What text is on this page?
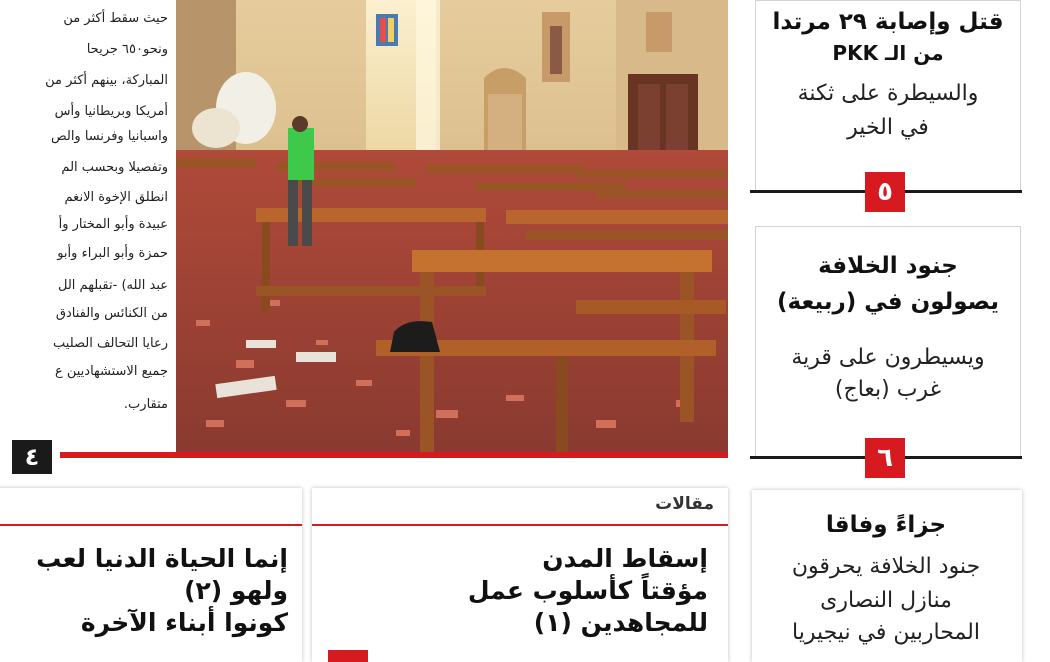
حيث سقط أكثر من
ونحو٦٥٠ جريحا
المباركة، بينهم أكثر من
أمريكا وبريطانيا وأس
واسبانيا وفرنسا والص
وتفصيلا وبحسب الم
انطلق الإخوة الانغم
عبيدة وأبو المختار وأ
حمزة وأبو البراء وأبو
عبد الله) -تقبلهم الل
من الكنائس والفنادق
رعايا التحالف الصليب
جميع الاستشهاديين ع
متقارب.
٤
قتل وإصابة ٢٩ مرتدا
من الـ PKK
والسيطرة على ثكنة
في الخير
٥
جنود الخلافة
يصولون في (ربيعة)
ويسيطرون على قرية
غرب (بعاج)
٦
جزاءً وفاقا
جنود الخلافة يحرقون
منازل النصارى
المحاربين في نيجيريا
مقالات
إسقاط المدن
مؤقتاً كأسلوب عمل
للمجاهدين (١)
إنما الحياة الدنيا لعب
ولهو (٢)
كونوا أبناء الآخرة
